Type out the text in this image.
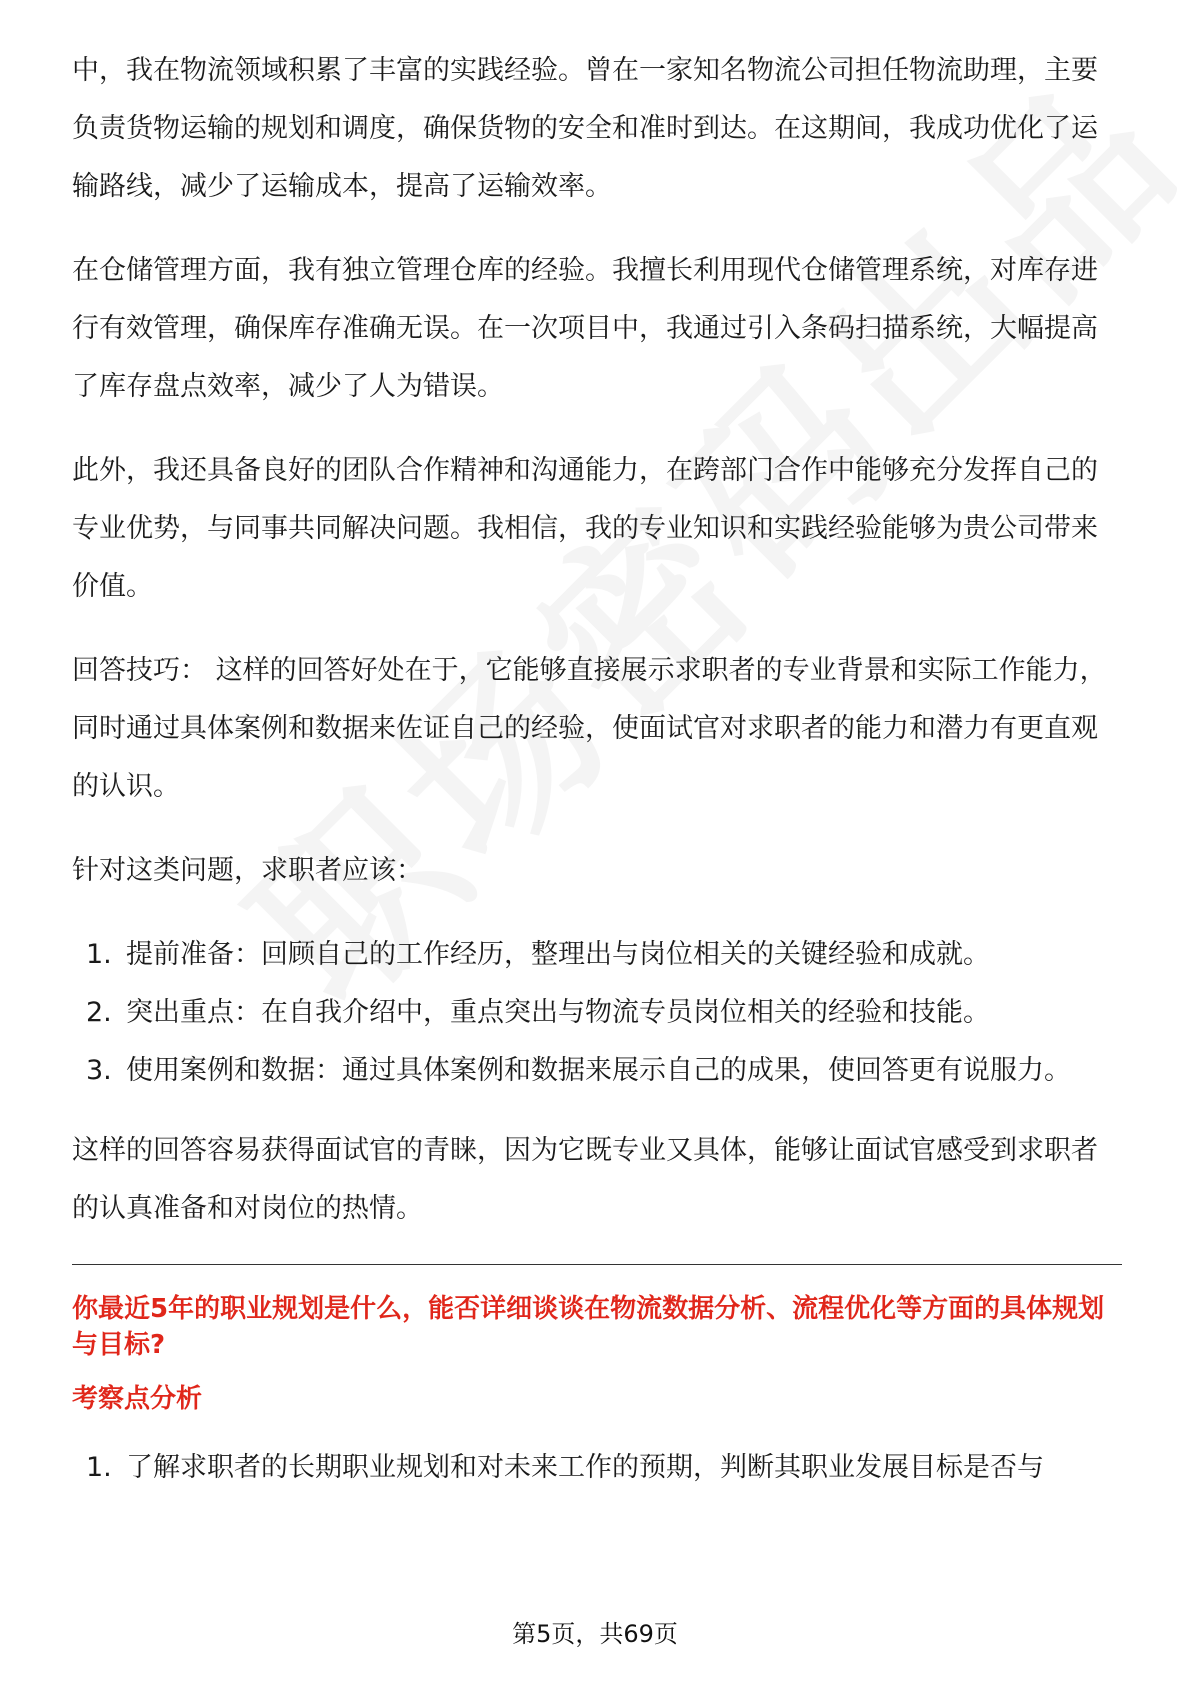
中，我在物流领域积累了丰富的实践经验。曾在一家知名物流公司担任物流助理，主要负责货物运输的规划和调度，确保货物的安全和准时到达。在这期间，我成功优化了运输路线，减少了运输成本，提高了运输效率。

在仓储管理方面，我有独立管理仓库的经验。我擅长利用现代仓储管理系统，对库存进行有效管理，确保库存准确无误。在一次项目中，我通过引入条码扫描系统，大幅提高了库存盘点效率，减少了人为错误。

此外，我还具备良好的团队合作精神和沟通能力，在跨部门合作中能够充分发挥自己的专业优势，与同事共同解决问题。我相信，我的专业知识和实践经验能够为贵公司带来价值。

回答技巧： 这样的回答好处在于，它能够直接展示求职者的专业背景和实际工作能力，同时通过具体案例和数据来佐证自己的经验，使面试官对求职者的能力和潜力有更直观的认识。

针对这类问题，求职者应该：

1. 提前准备：回顾自己的工作经历，整理出与岗位相关的关键经验和成就。
2. 突出重点：在自我介绍中，重点突出与物流专员岗位相关的经验和技能。
3. 使用案例和数据：通过具体案例和数据来展示自己的成果，使回答更有说服力。

这样的回答容易获得面试官的青睐，因为它既专业又具体，能够让面试官感受到求职者的认真准备和对岗位的热情。

你最近5年的职业规划是什么，能否详细谈谈在物流数据分析、流程优化等方面的具体规划与目标?
考察点分析
1. 了解求职者的长期职业规划和对未来工作的预期，判断其职业发展目标是否与
第5页，共69页
